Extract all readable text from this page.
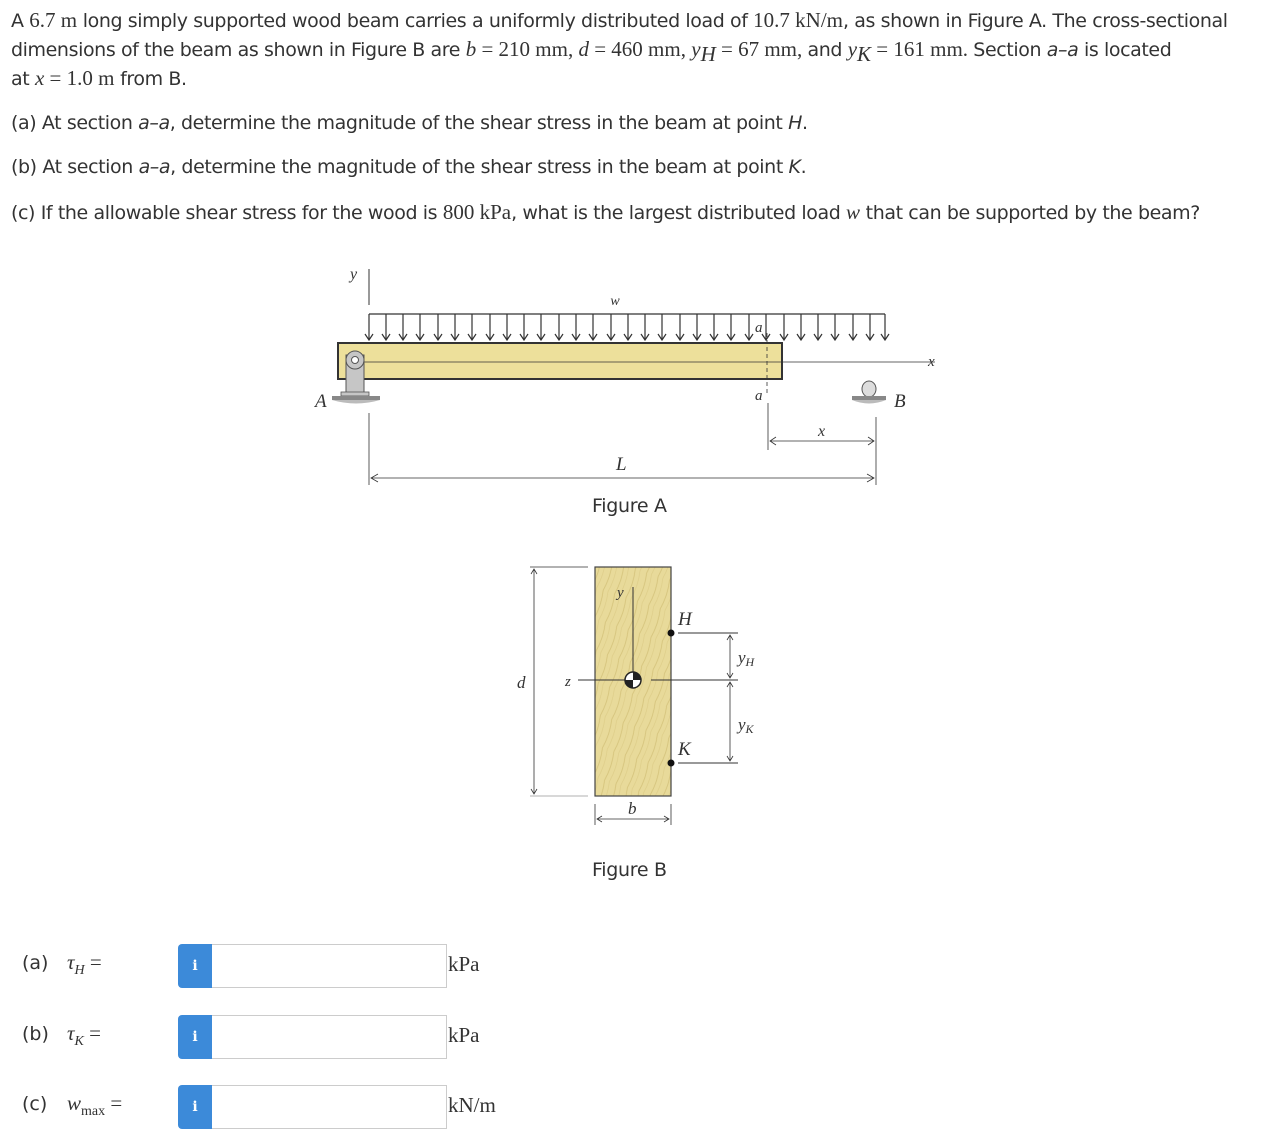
A 6.7 m long simply supported wood beam carries a uniformly distributed load of 10.7 kN/m, as shown in Figure A. The cross-sectional
dimensions of the beam as shown in Figure B are b = 210 mm, d = 460 mm, $y_H = 67$ mm, and $y_K = 161$ mm. Section a–a is located
at x = 1.0 m from B.
(a) At section a–a, determine the magnitude of the shear stress in the beam at point H.
(b) At section a–a, determine the magnitude of the shear stress in the beam at point K.
(c) If the allowable shear stress for the wood is 800 kPa, what is the largest distributed load w that can be supported by the beam?
y
w
x
a
a
A	B
x
L
Figure A
y
z
H
K
yH
yK
d
b
Figure B
(a) $\tau_H$ =	i	kPa
(b) $\tau_K$ =	i	kPa
(c) $w_{max}$ =	i	kN/m
